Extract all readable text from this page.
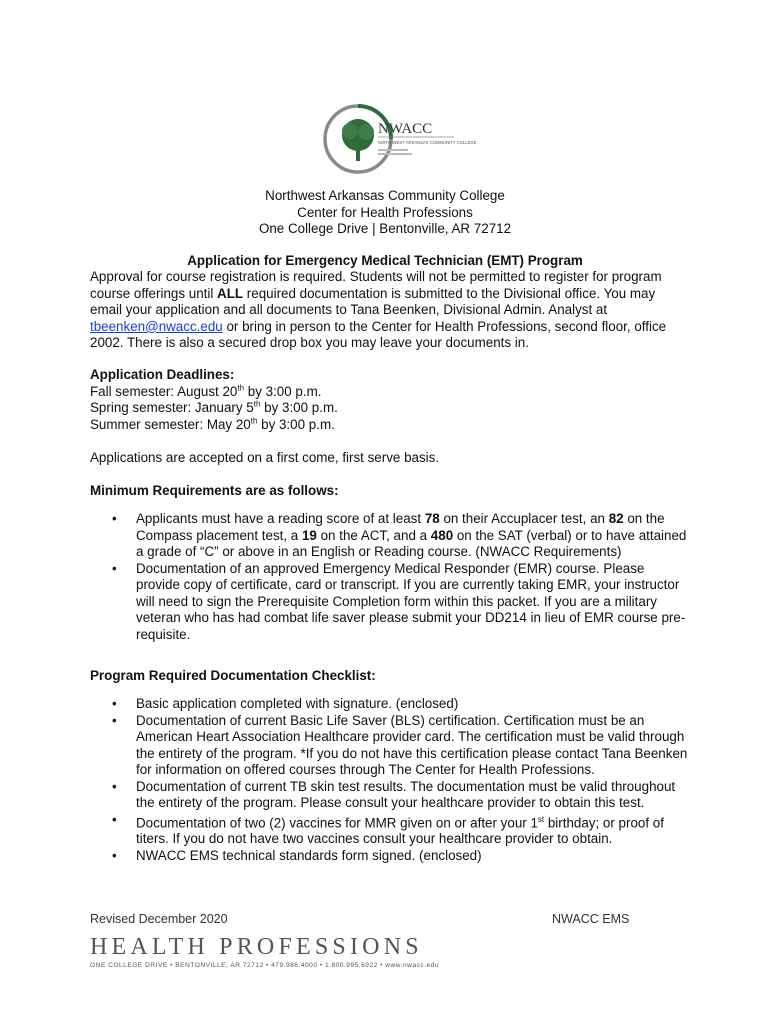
NWACC
NORTHWEST ARKANSAS COMMUNITY COLLEGE
Northwest Arkansas Community College
Center for Health Professions
One College Drive | Bentonville, AR 72712
Application for Emergency Medical Technician (EMT) Program
Approval for course registration is required. Students will not be permitted to register for program course offerings until ALL required documentation is submitted to the Divisional office. You may email your application and all documents to Tana Beenken, Divisional Admin. Analyst at tbeenken@nwacc.edu or bring in person to the Center for Health Professions, second floor, office 2002. There is also a secured drop box you may leave your documents in.
Application Deadlines:
Fall semester: August 20th by 3:00 p.m.
Spring semester: January 5th by 3:00 p.m.
Summer semester: May 20th by 3:00 p.m.
Applications are accepted on a first come, first serve basis.
Minimum Requirements are as follows:
• Applicants must have a reading score of at least 78 on their Accuplacer test, an 82 on the Compass placement test, a 19 on the ACT, and a 480 on the SAT (verbal) or to have attained a grade of “C” or above in an English or Reading course. (NWACC Requirements)
• Documentation of an approved Emergency Medical Responder (EMR) course. Please provide copy of certificate, card or transcript. If you are currently taking EMR, your instructor will need to sign the Prerequisite Completion form within this packet. If you are a military veteran who has had combat life saver please submit your DD214 in lieu of EMR course pre-requisite.
Program Required Documentation Checklist:
• Basic application completed with signature. (enclosed)
• Documentation of current Basic Life Saver (BLS) certification. Certification must be an American Heart Association Healthcare provider card. The certification must be valid through the entirety of the program. *If you do not have this certification please contact Tana Beenken for information on offered courses through The Center for Health Professions.
• Documentation of current TB skin test results. The documentation must be valid throughout the entirety of the program. Please consult your healthcare provider to obtain this test.
• Documentation of two (2) vaccines for MMR given on or after your 1st birthday; or proof of titers. If you do not have two vaccines consult your healthcare provider to obtain.
• NWACC EMS technical standards form signed. (enclosed)
Revised December 2020	NWACC EMS
HEALTH PROFESSIONS
ONE COLLEGE DRIVE • BENTONVILLE, AR 72712 • 479.986.4000 • 1.800.995.6922 • www.nwacc.edu
